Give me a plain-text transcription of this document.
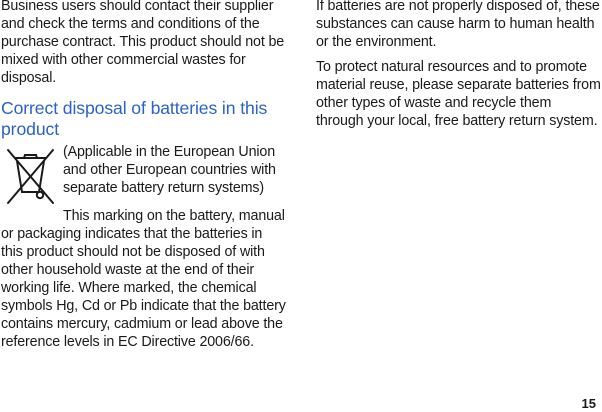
Business users should contact their supplier and check the terms and conditions of the purchase contract. This product should not be mixed with other commercial wastes for disposal.

Correct disposal of batteries in this product

(Applicable in the European Union and other European countries with separate battery return systems)

This marking on the battery, manual or packaging indicates that the batteries in this product should not be disposed of with other household waste at the end of their working life. Where marked, the chemical symbols Hg, Cd or Pb indicate that the battery contains mercury, cadmium or lead above the reference levels in EC Directive 2006/66.

If batteries are not properly disposed of, these substances can cause harm to human health or the environment.

To protect natural resources and to promote material reuse, please separate batteries from other types of waste and recycle them through your local, free battery return system.

15
